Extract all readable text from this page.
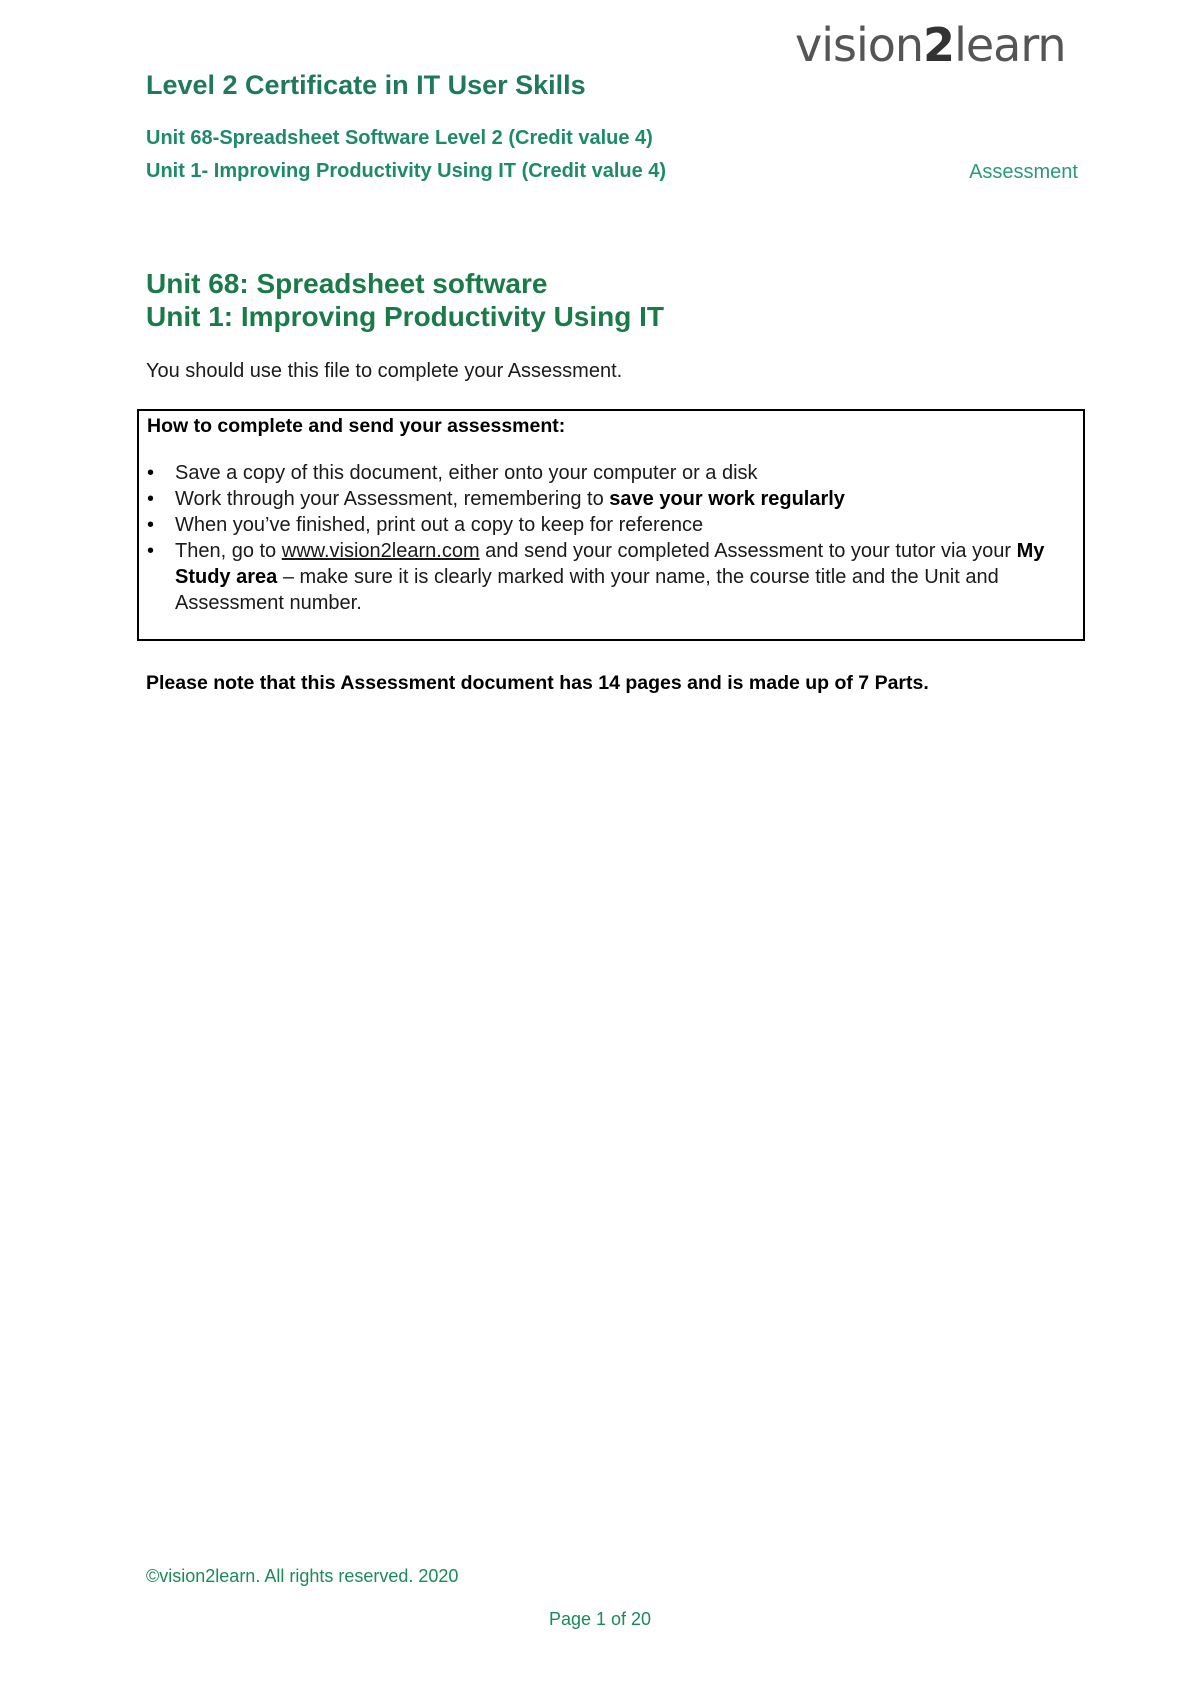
vision2learn
Level 2 Certificate in IT User Skills
Unit 68-Spreadsheet Software Level 2 (Credit value 4)
Unit 1- Improving Productivity Using IT (Credit value 4)	Assessment
Unit 68: Spreadsheet software
Unit 1: Improving Productivity Using IT
You should use this file to complete your Assessment.
How to complete and send your assessment:
•	Save a copy of this document, either onto your computer or a disk
•	Work through your Assessment, remembering to save your work regularly
•	When you’ve finished, print out a copy to keep for reference
•	Then, go to www.vision2learn.com and send your completed Assessment to your tutor via your My Study area – make sure it is clearly marked with your name, the course title and the Unit and Assessment number.
Please note that this Assessment document has 14 pages and is made up of 7 Parts.
©vision2learn. All rights reserved. 2020
Page 1 of 20
